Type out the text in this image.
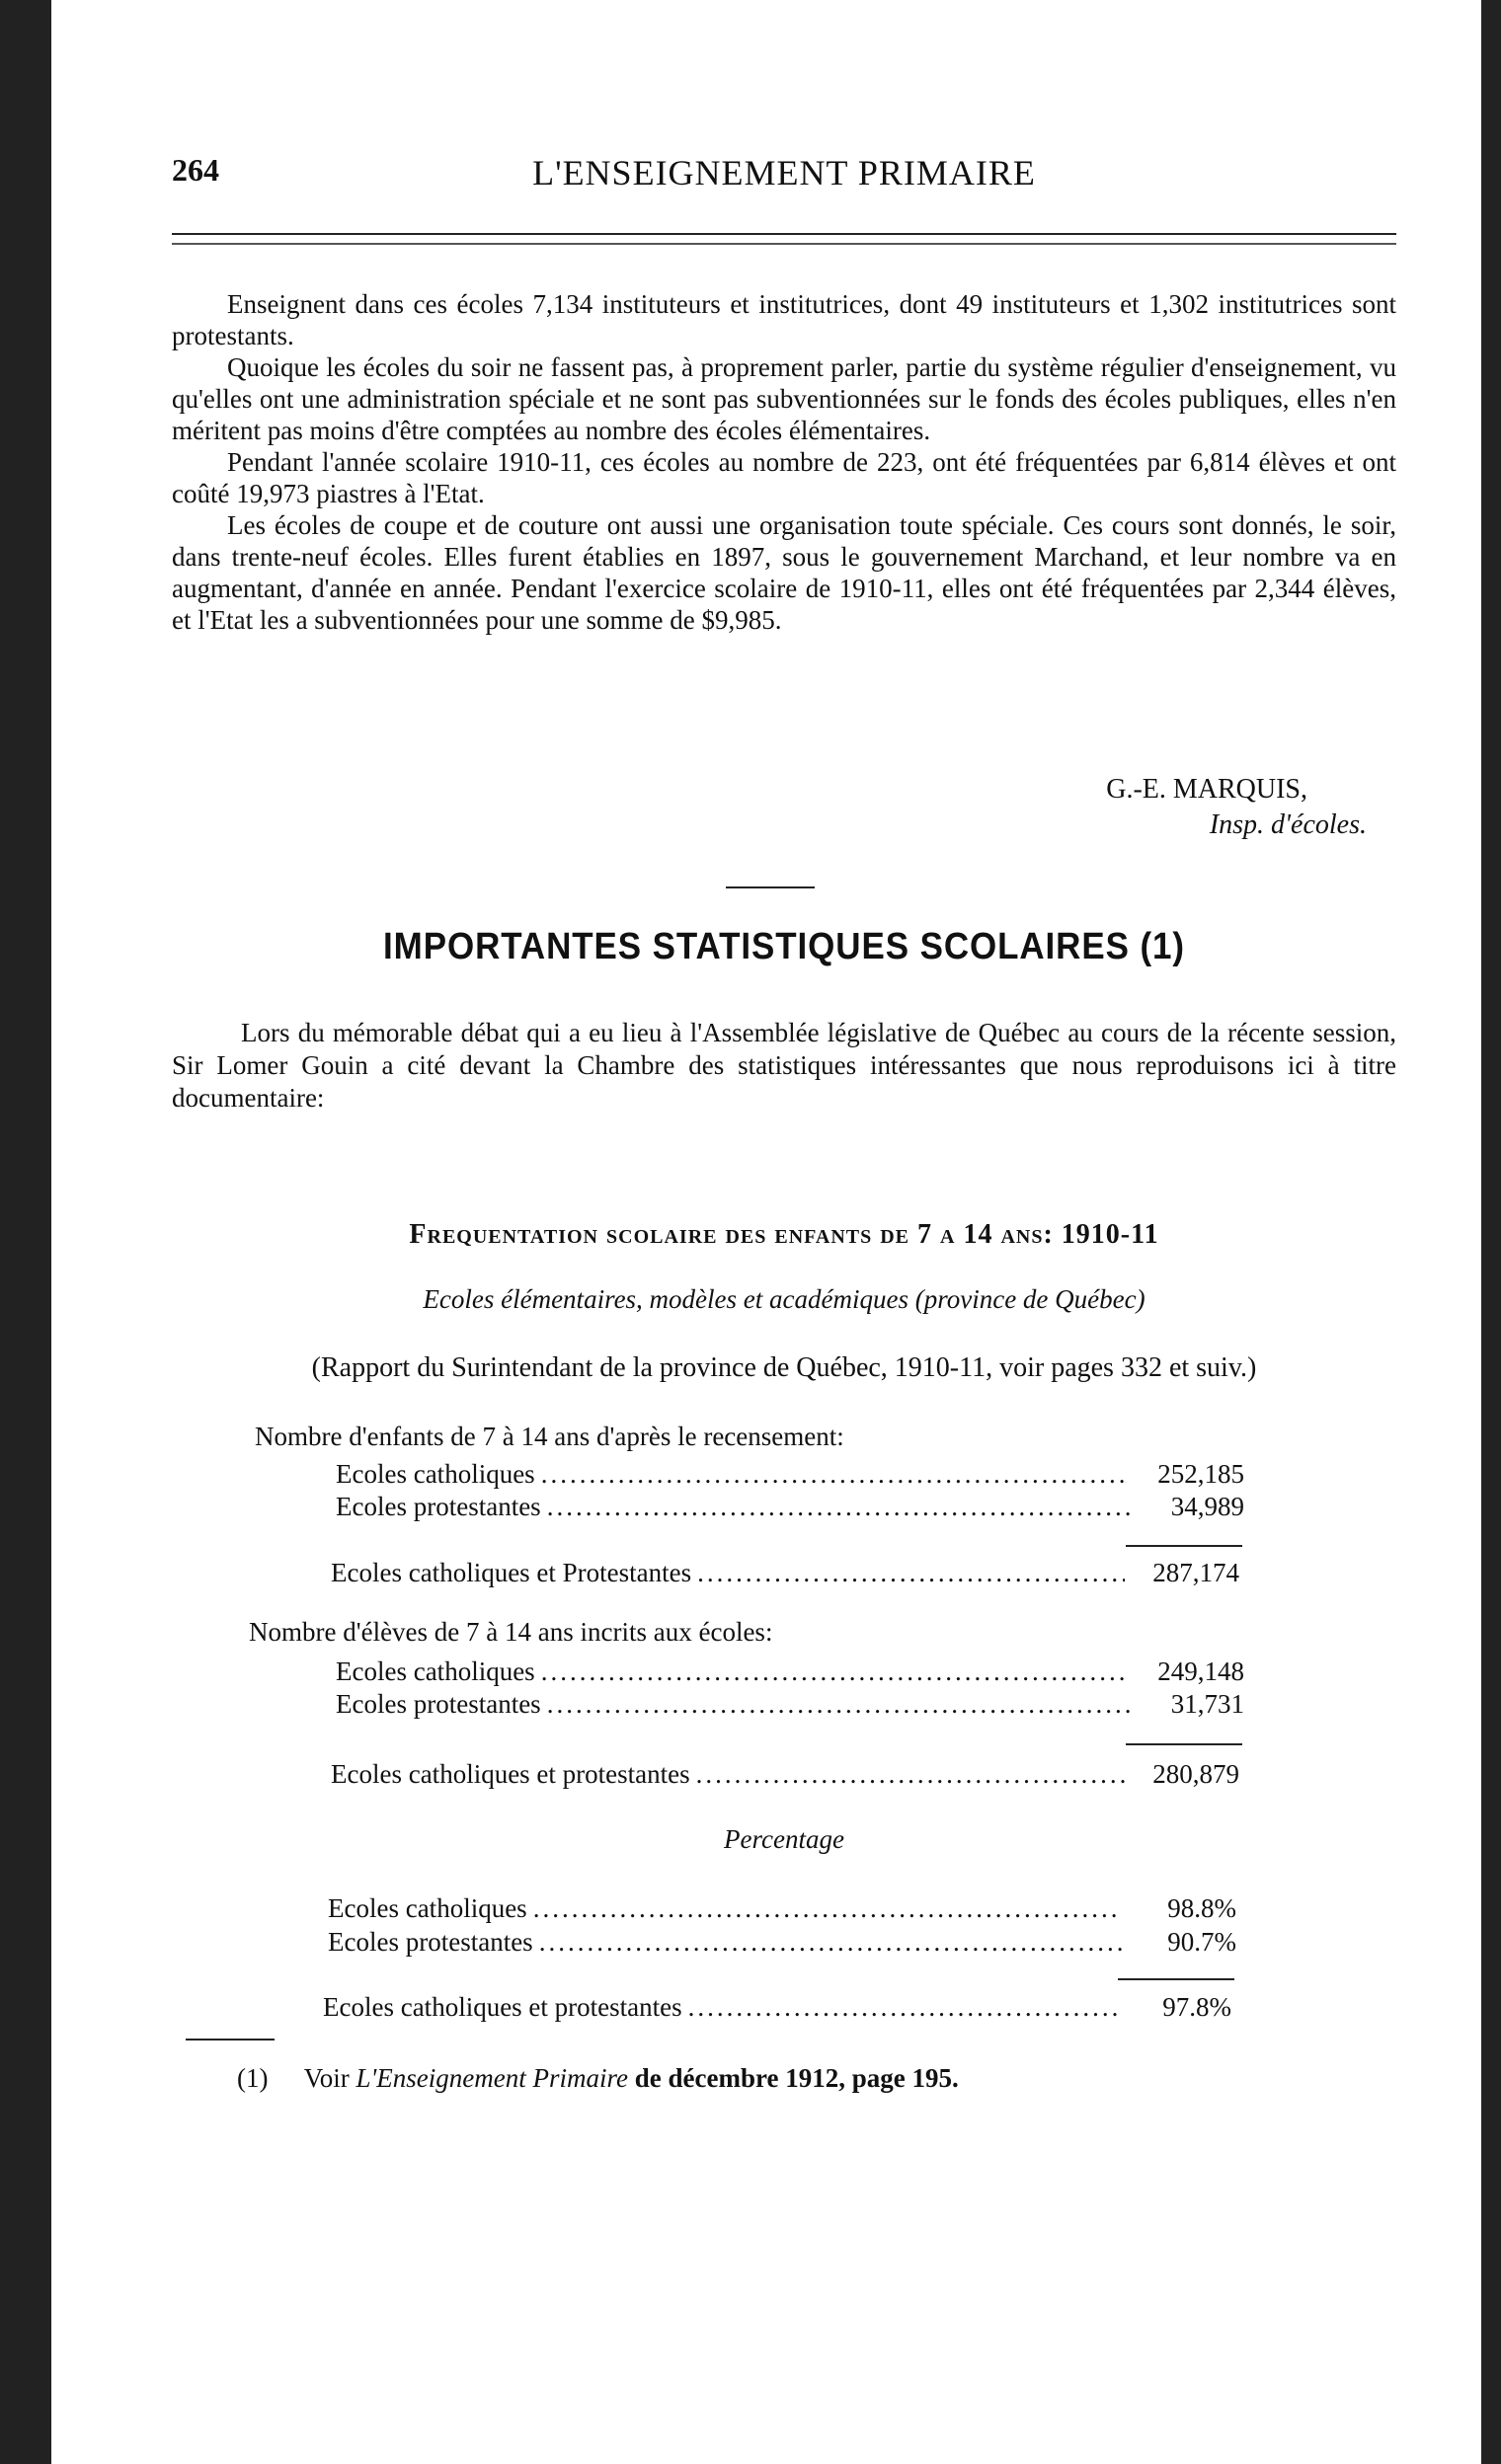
264	L'ENSEIGNEMENT PRIMAIRE

Enseignent dans ces écoles 7,134 instituteurs et institutrices, dont 49 instituteurs et 1,302 institutrices sont protestants.

Quoique les écoles du soir ne fassent pas, à proprement parler, partie du système régulier d'enseignement, vu qu'elles ont une administration spéciale et ne sont pas subventionnées sur le fonds des écoles publiques, elles n'en méritent pas moins d'être comptées au nombre des écoles élémentaires.

Pendant l'année scolaire 1910-11, ces écoles au nombre de 223, ont été fréquentées par 6,814 élèves et ont coûté 19,973 piastres à l'Etat.

Les écoles de coupe et de couture ont aussi une organisation toute spéciale. Ces cours sont donnés, le soir, dans trente-neuf écoles. Elles furent établies en 1897, sous le gouvernement Marchand, et leur nombre va en augmentant, d'année en année. Pendant l'exercice scolaire de 1910-11, elles ont été fréquentées par 2,344 élèves, et l'Etat les a subventionnées pour une somme de $9,985.

G.-E. MARQUIS,
Insp. d'écoles.
IMPORTANTES STATISTIQUES SCOLAIRES (1)

Lors du mémorable débat qui a eu lieu à l'Assemblée législative de Québec au cours de la récente session, Sir Lomer Gouin a cité devant la Chambre des statistiques intéressantes que nous reproduisons ici à titre documentaire:

Frequentation scolaire des enfants de 7 a 14 ans: 1910-11
Ecoles élémentaires, modèles et académiques (province de Québec)
(Rapport du Surintendant de la province de Québec, 1910-11, voir pages 332 et suiv.)
Nombre d'enfants de 7 à 14 ans d'après le recensement:
Ecoles catholiques .....	252,185
Ecoles protestantes .....	34,989
Ecoles catholiques et Protestantes .....	287,174
Nombre d'élèves de 7 à 14 ans incrits aux écoles:
Ecoles catholiques .....	249,148
Ecoles protestantes .....	31,731
Ecoles catholiques et protestantes .....	280,879
Percentage
Ecoles catholiques .....	98.8%
Ecoles protestantes .....	90.7%
Ecoles catholiques et protestantes .....	97.8%
(1) Voir L'Enseignement Primaire de décembre 1912, page 195.
